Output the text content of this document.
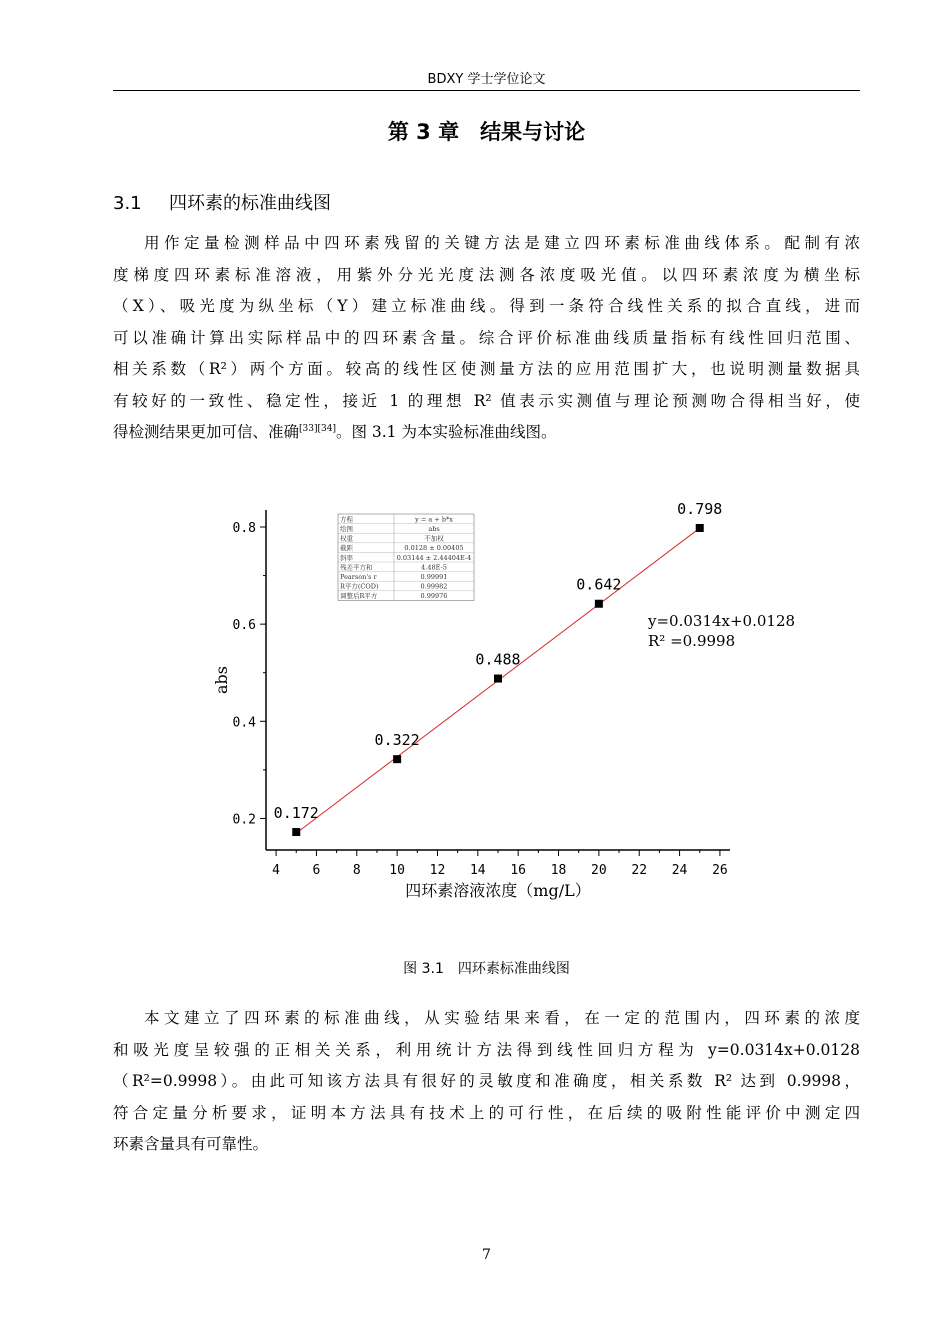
BDXY 学士学位论文
第 3 章　结果与讨论
3.1 四环素的标准曲线图
用作定量检测样品中四环素残留的关键方法是建立四环素标准曲线体系。配制有浓
度梯度四环素标准溶液，用紫外分光光度法测各浓度吸光值。以四环素浓度为横坐标
（X）、吸光度为纵坐标（Y）建立标准曲线。得到一条符合线性关系的拟合直线，进而
可以准确计算出实际样品中的四环素含量。综合评价标准曲线质量指标有线性回归范围、
相关系数（R²）两个方面。较高的线性区使测量方法的应用范围扩大，也说明测量数据具
有较好的一致性、稳定性，接近 1 的理想 R² 值表示实测值与理论预测吻合得相当好，使
得检测结果更加可信、准确[33][34]。图 3.1 为本实验标准曲线图。
4	6	8 10 12 14 16 18 20 22 24 26
0.2
0.4
0.6
0.8
四环素溶液浓度（mg/L）
abs
0.172
0.322
0.488
0.642
0.798
y=0.0314x+0.0128
R² =0.9998
方程	y = a + b*x
绘图	abs
权重	不加权
截距	0.0128 ± 0.00405
斜率	0.03144 ± 2.44404E-4
残差平方和	4.48E-5
Pearson's r	0.99991
R平方(COD)	0.99982
调整后R平方	0.99976
图 3.1　四环素标准曲线图
本文建立了四环素的标准曲线，从实验结果来看，在一定的范围内，四环素的浓度
和吸光度呈较强的正相关关系，利用统计方法得到线性回归方程为 y=0.0314x+0.0128
（R²=0.9998）。由此可知该方法具有很好的灵敏度和准确度，相关系数 R² 达到 0.9998，
符合定量分析要求，证明本方法具有技术上的可行性，在后续的吸附性能评价中测定四
环素含量具有可靠性。
7
